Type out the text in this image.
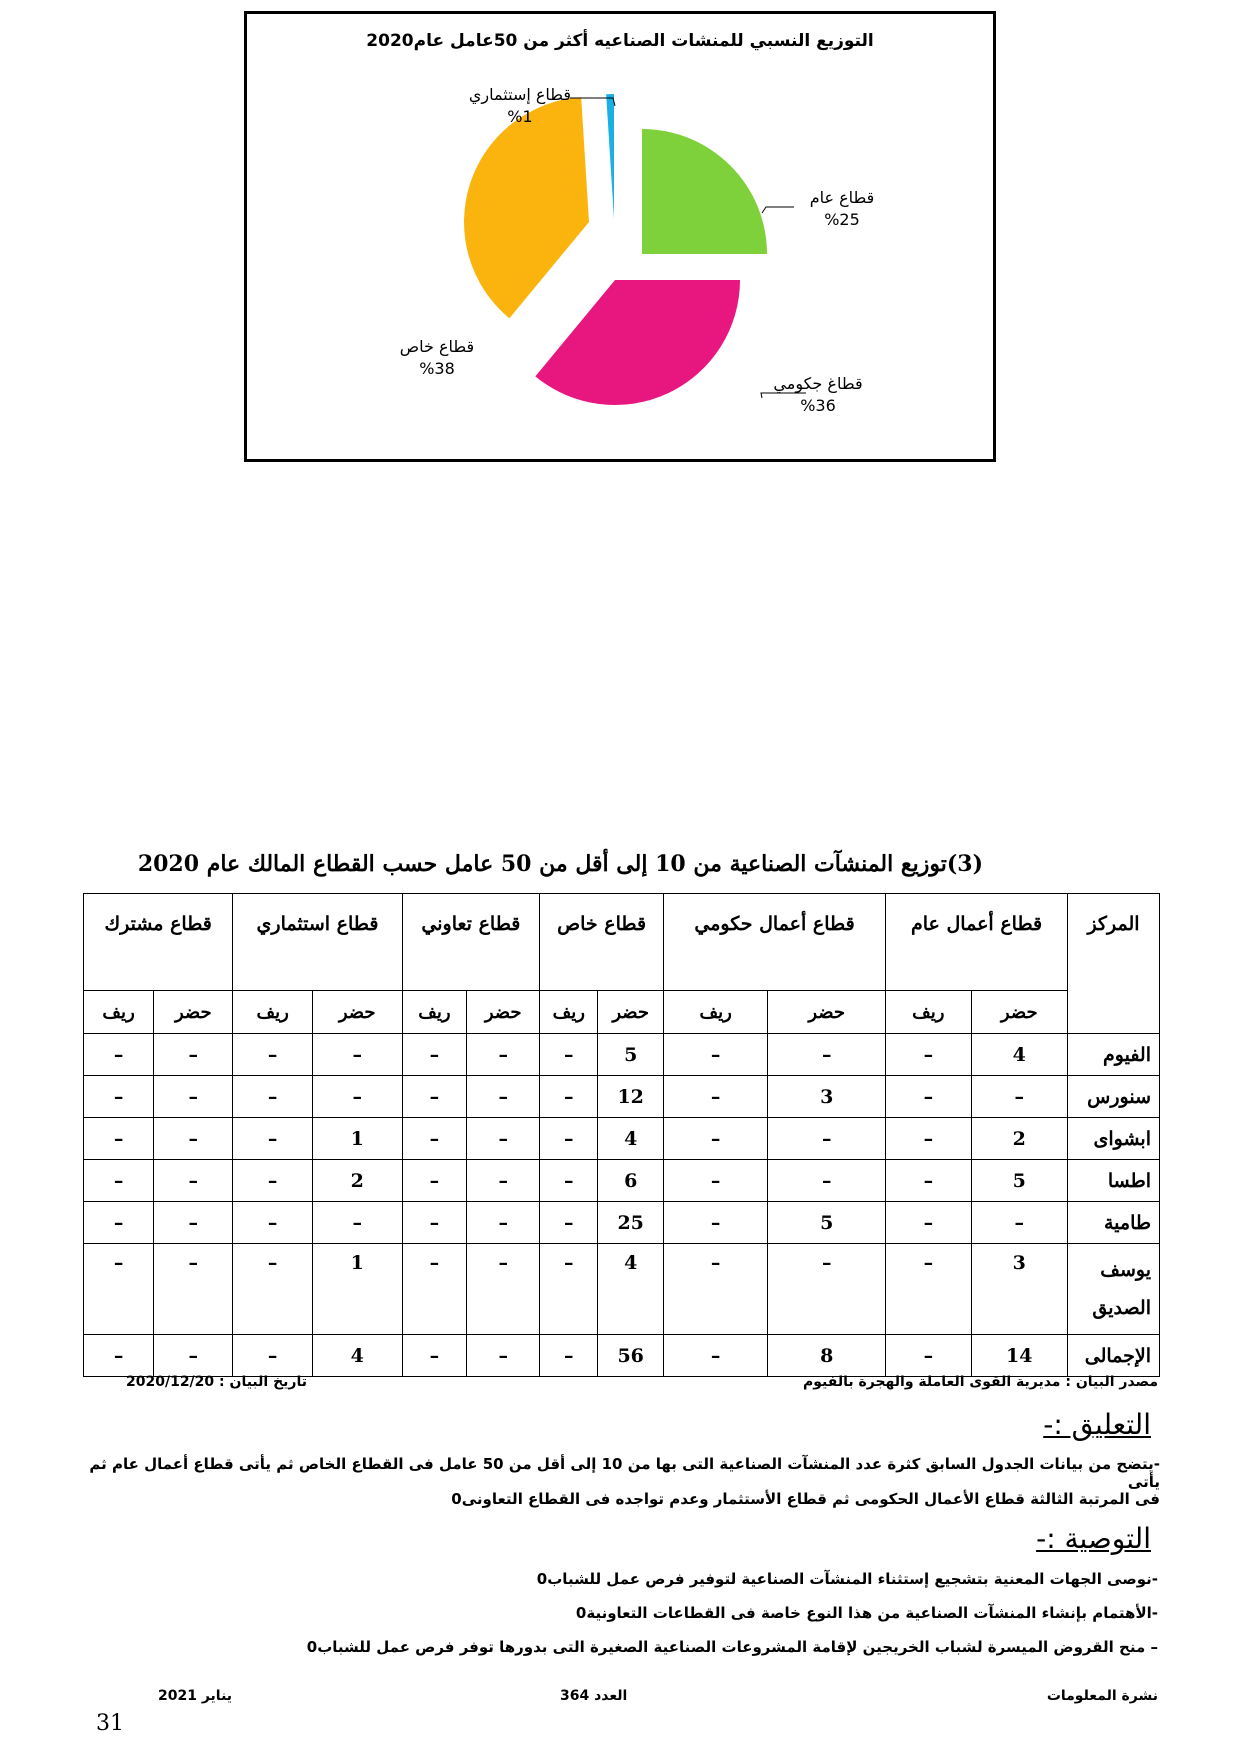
التوزيع النسبي للمنشات الصناعيه أكثر من 50عامل عام2020
قطاع عام
%25
قطاغ جكومي
%36
قطاع خاص
%38
قطاع إستثماري
%1
(3)توزيع المنشآت الصناعية من 10 إلى أقل من 50 عامل حسب القطاع المالك عام 2020
المركز	قطاع أعمال عام		قطاع أعمال حكومي		قطاع خاص		قطاع تعاوني		قطاع استثماري		قطاع مشترك	
	حضر	ريف	حضر	ريف	حضر	ريف	حضر	ريف	حضر	ريف	حضر	ريف
الفيوم	4	–	–	–	5	–	–	–	–	–	–	–
سنورس	–	–	3	–	12	–	–	–	–	–	–	–
ابشواى	2	–	–	–	4	–	–	–	1	–	–	–
اطسا	5	–	–	–	6	–	–	–	2	–	–	–
طامية	–	–	5	–	25	–	–	–	–	–	–	–
يوسف الصديق	3	–	–	–	4	–	–	–	1	–	–	–
الإجمالى	14	–	8	–	56	–	–	–	4	–	–	–
مصدر البيان : مديرية القوى العاملة والهجرة بالفيوم
تاريخ البيان : 2020/12/20
التعليق :-
-يتضح من بيانات الجدول السابق كثرة عدد المنشآت الصناعية التى بها من 10 إلى أقل من 50 عامل فى القطاع الخاص ثم يأتى قطاع أعمال عام ثم يأتى
فى المرتبة الثالثة قطاع الأعمال الحكومى ثم قطاع الأستثمار وعدم تواجده فى القطاع التعاونى0
التوصية :-
-نوصى الجهات المعنية بتشجيع إستثناء المنشآت الصناعية لتوفير فرص عمل للشباب0
-الأهتمام بإنشاء المنشآت الصناعية من هذا النوع خاصة فى القطاعات التعاونية0
– منح القروض الميسرة لشباب الخريجين لإقامة المشروعات الصناعية الصغيرة التى بدورها توفر فرص عمل للشباب0
نشرة المعلومات
العدد 364
يناير 2021
31
